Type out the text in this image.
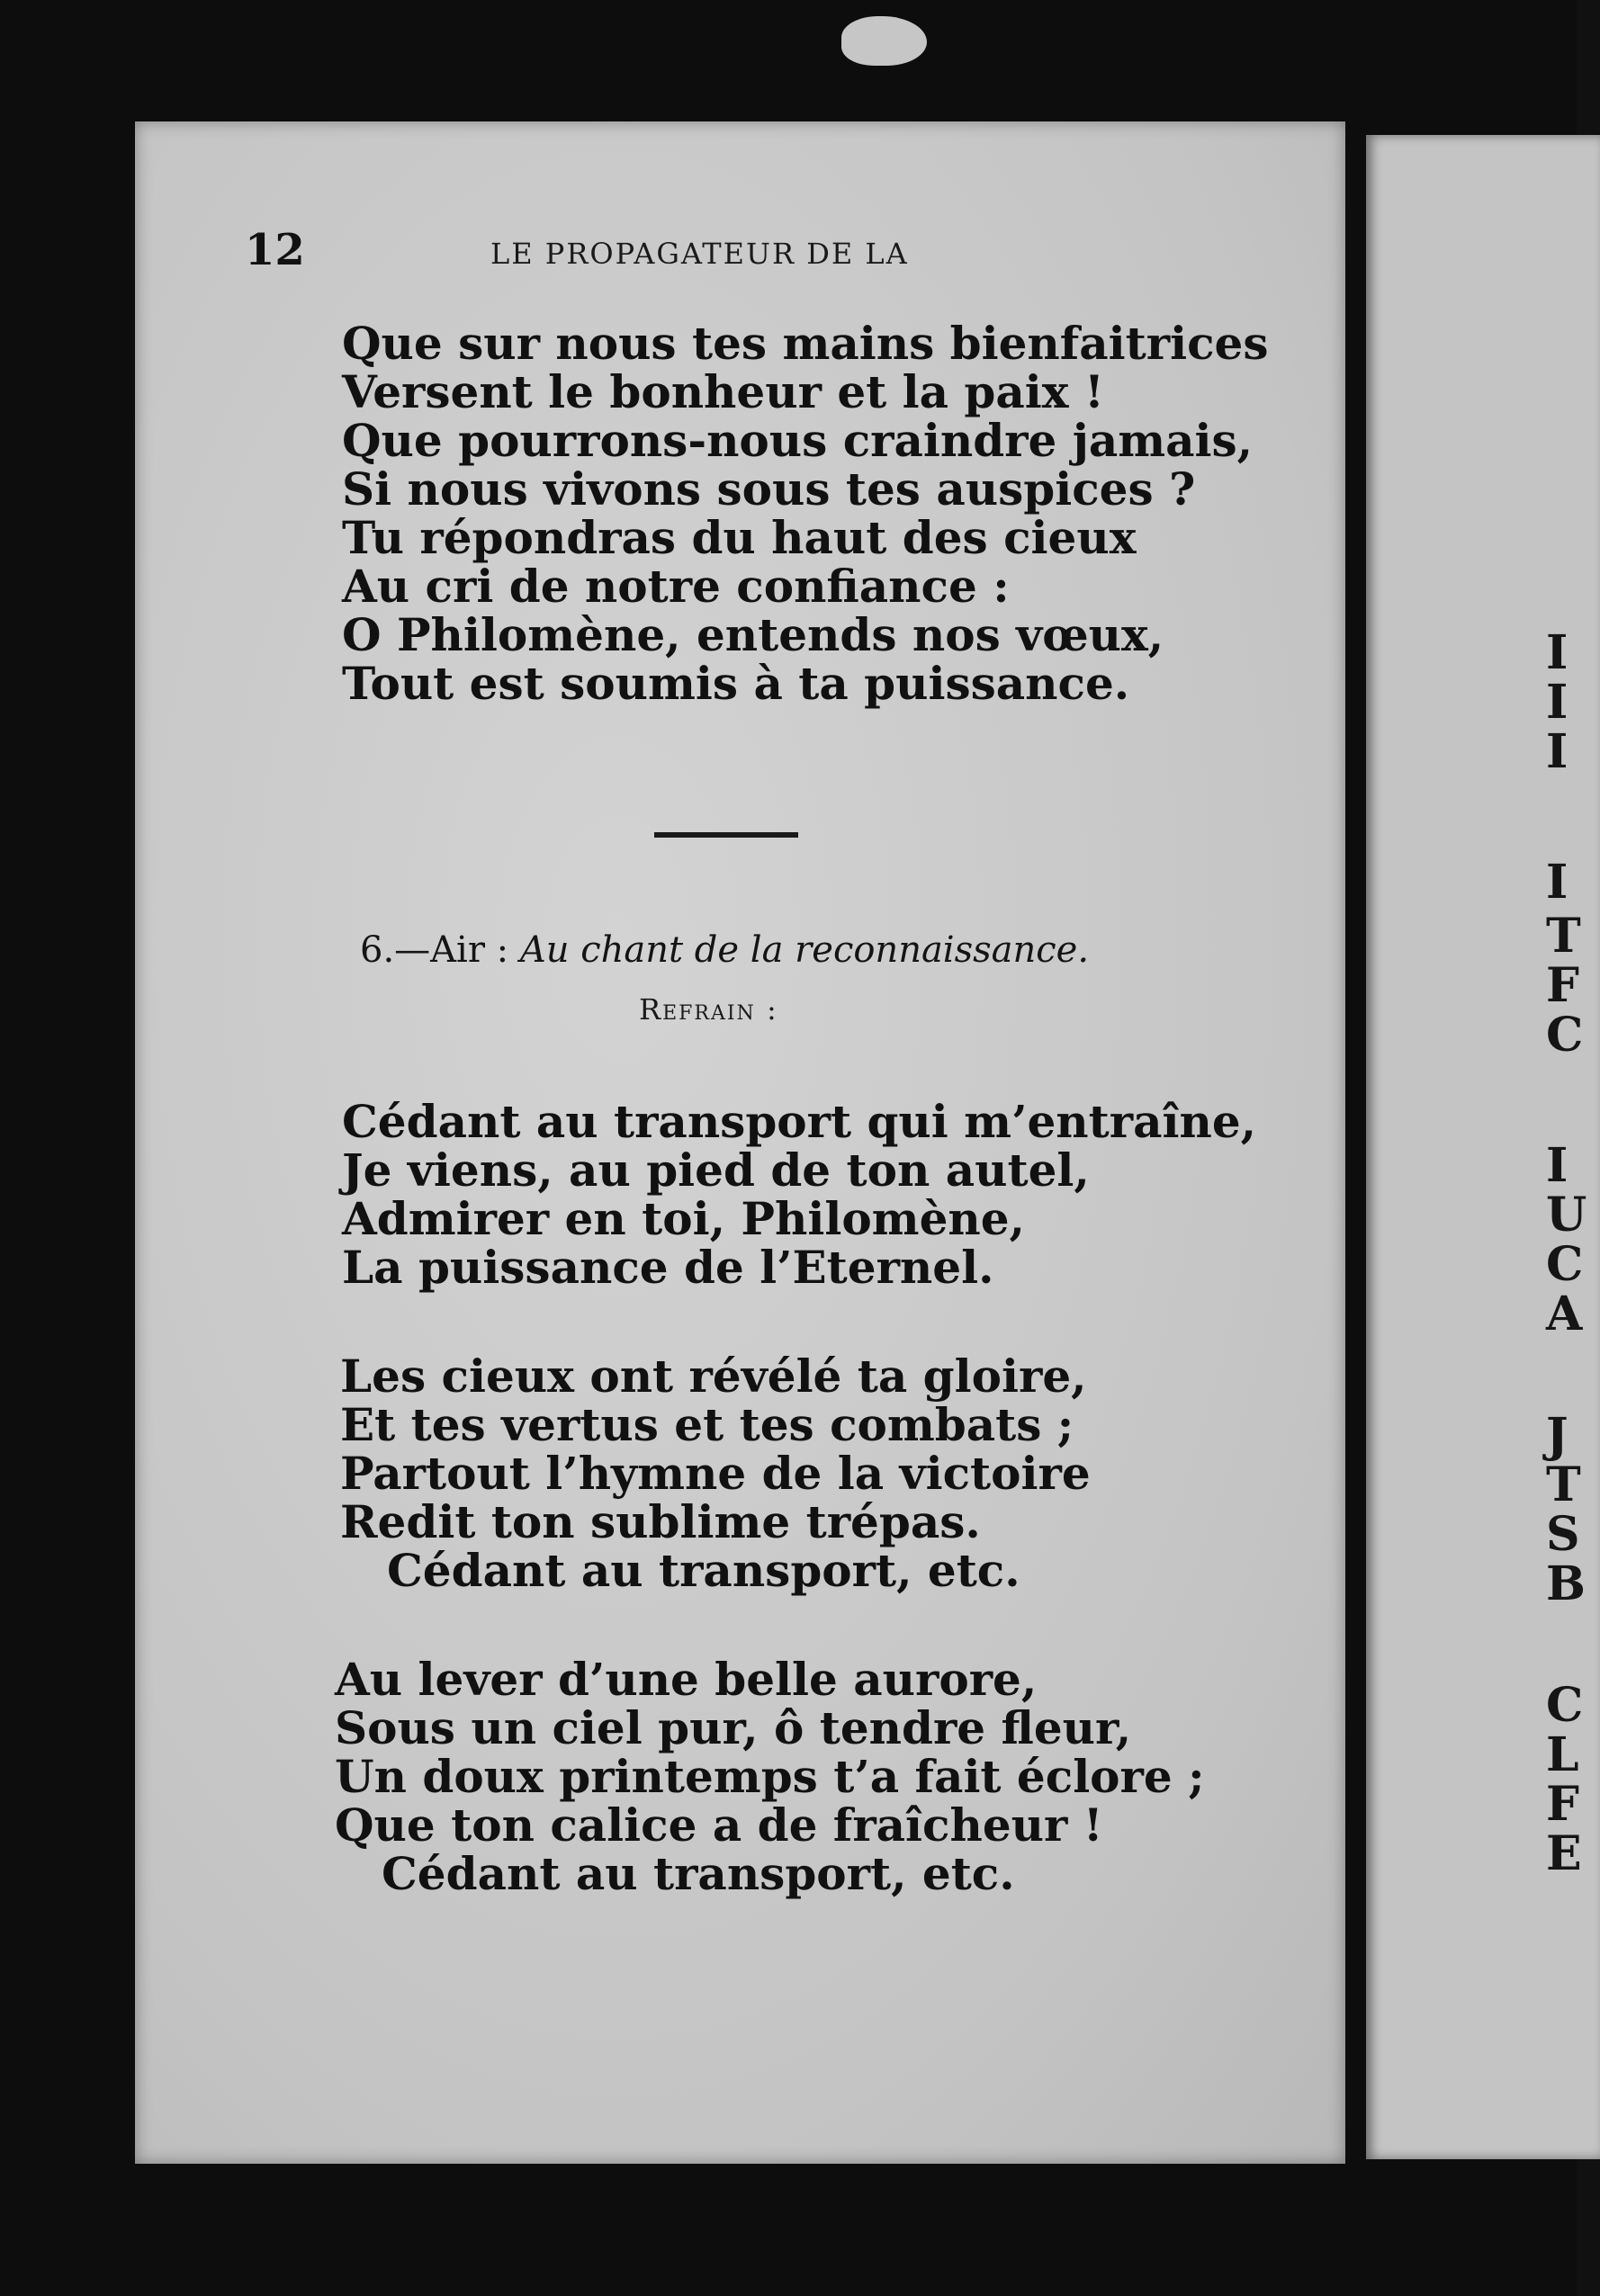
12	LE PROPAGATEUR DE LA
Que sur nous tes mains bienfaitrices
Versent le bonheur et la paix !
Que pourrons-nous craindre jamais,
Si nous vivons sous tes auspices ?
Tu répondras du haut des cieux
Au cri de notre confiance :
O Philomène, entends nos vœux,
Tout est soumis à ta puissance.
6.—Air : Au chant de la reconnaissance.
Refrain :
Cédant au transport qui m’entraîne,
Je viens, au pied de ton autel,
Admirer en toi, Philomène,
La puissance de l’Eternel.
Les cieux ont révélé ta gloire,
Et tes vertus et tes combats ;
Partout l’hymne de la victoire
Redit ton sublime trépas.
Cédant au transport, etc.
Au lever d’une belle aurore,
Sous un ciel pur, ô tendre fleur,
Un doux printemps t’a fait éclore ;
Que ton calice a de fraîcheur !
Cédant au transport, etc.
I
I
I
I
T
F
C
I
U
C
A
J
T
S
B
C
L
F
E
